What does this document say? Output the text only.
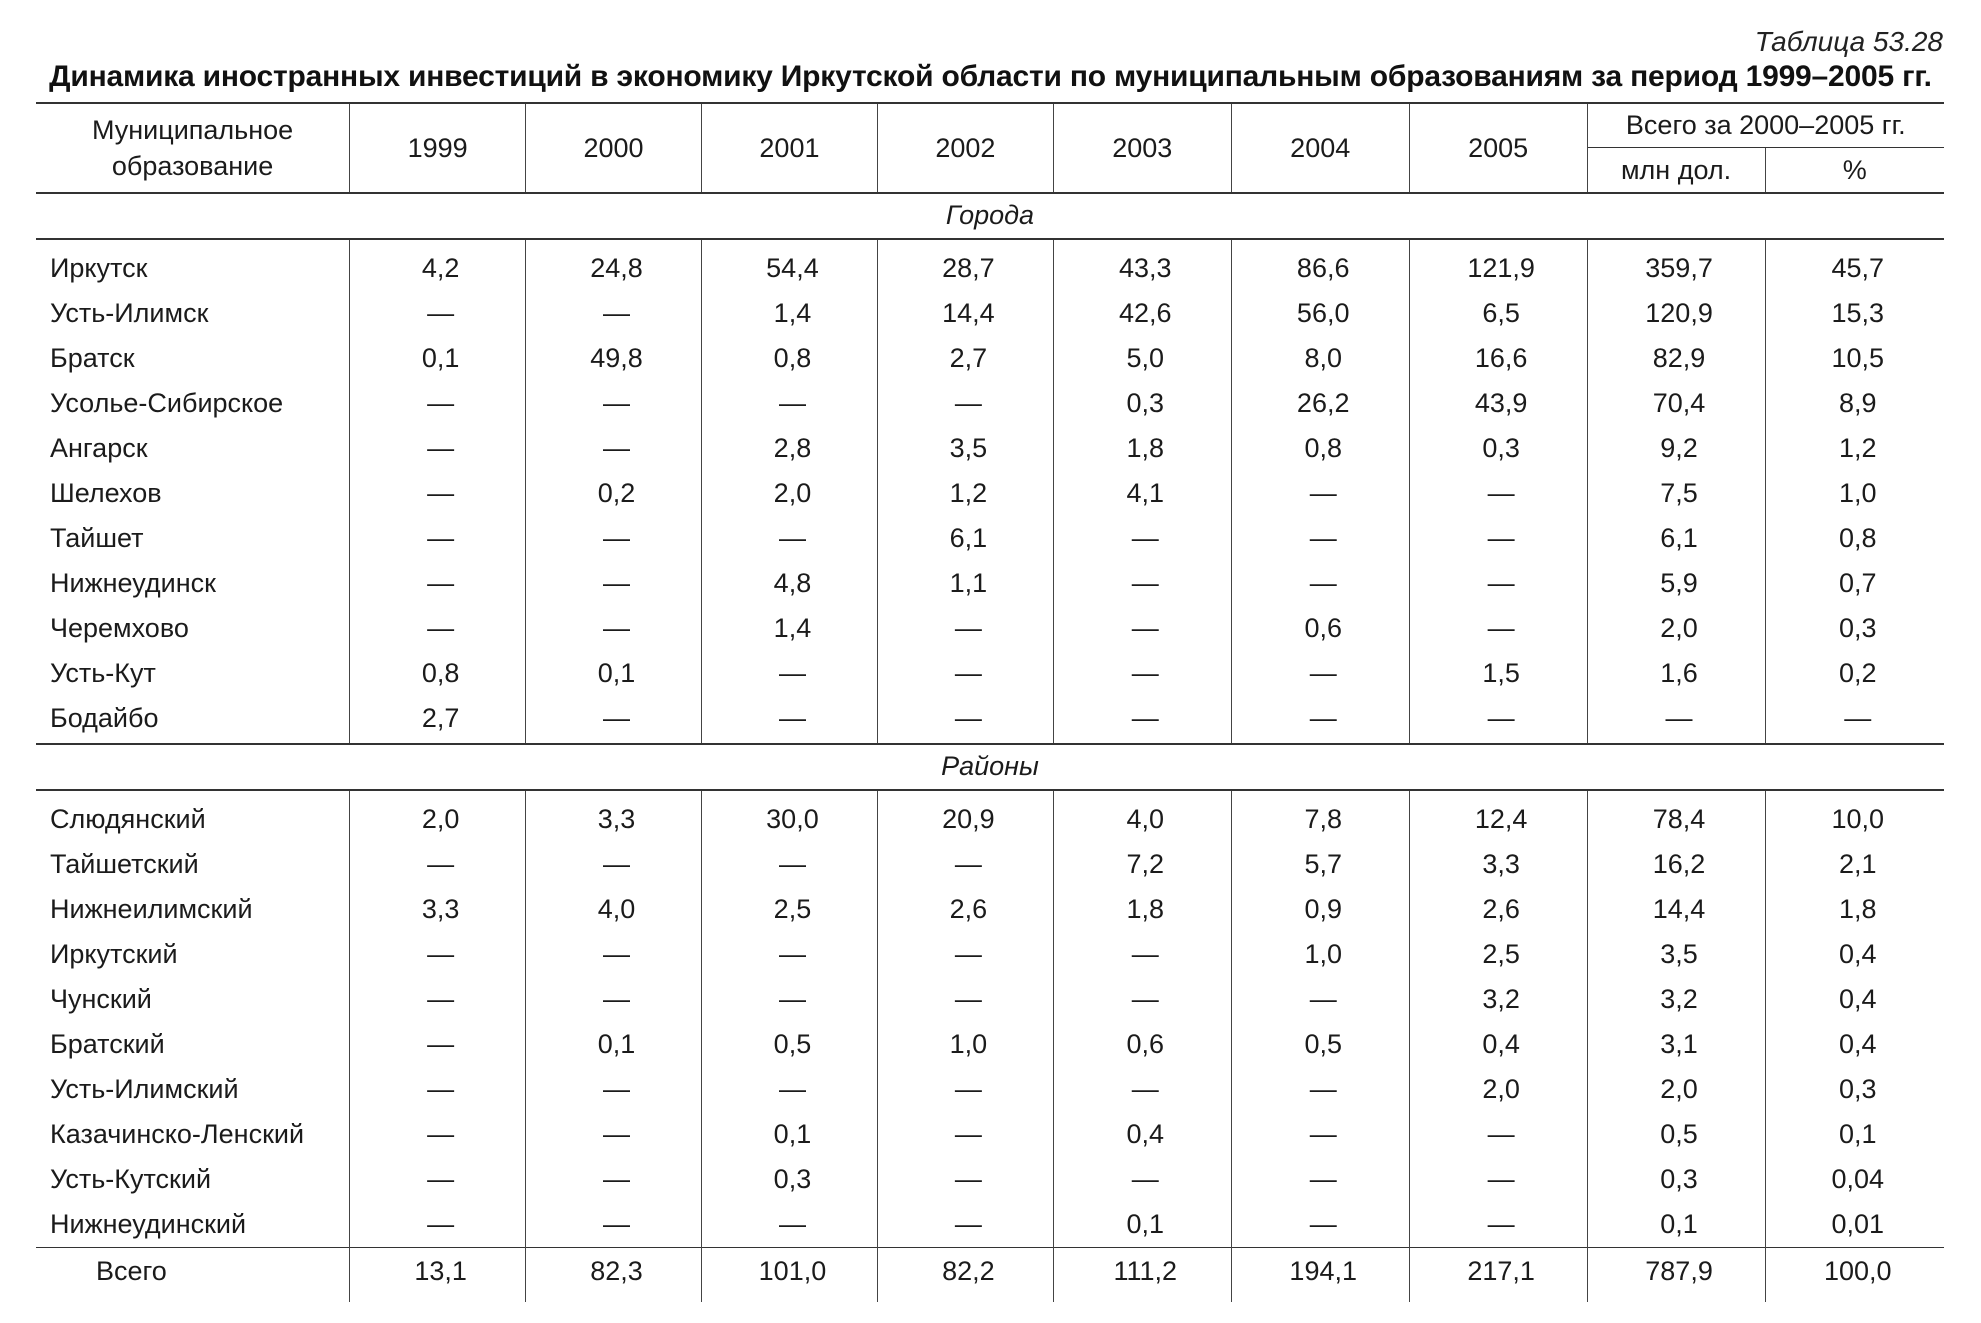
Таблица 53.28
Динамика иностранных инвестиций в экономику Иркутской области по муниципальным образованиям за период 1999–2005 гг.
Муниципальное образование	1999	2000	2001	2002	2003	2004	2005	Всего за 2000–2005 гг.	
								млн дол.	%
Города									
Иркутск	4,2	24,8	54,4	28,7	43,3	86,6	121,9	359,7	45,7
Усть-Илимск	—	—	1,4	14,4	42,6	56,0	6,5	120,9	15,3
Братск	0,1	49,8	0,8	2,7	5,0	8,0	16,6	82,9	10,5
Усолье-Сибирское	—	—	—	—	0,3	26,2	43,9	70,4	8,9
Ангарск	—	—	2,8	3,5	1,8	0,8	0,3	9,2	1,2
Шелехов	—	0,2	2,0	1,2	4,1	—	—	7,5	1,0
Тайшет	—	—	—	6,1	—	—	—	6,1	0,8
Нижнеудинск	—	—	4,8	1,1	—	—	—	5,9	0,7
Черемхово	—	—	1,4	—	—	0,6	—	2,0	0,3
Усть-Кут	0,8	0,1	—	—	—	—	1,5	1,6	0,2
Бодайбо	2,7	—	—	—	—	—	—	—	—
Районы									
Слюдянский	2,0	3,3	30,0	20,9	4,0	7,8	12,4	78,4	10,0
Тайшетский	—	—	—	—	7,2	5,7	3,3	16,2	2,1
Нижнеилимский	3,3	4,0	2,5	2,6	1,8	0,9	2,6	14,4	1,8
Иркутский	—	—	—	—	—	1,0	2,5	3,5	0,4
Чунский	—	—	—	—	—	—	3,2	3,2	0,4
Братский	—	0,1	0,5	1,0	0,6	0,5	0,4	3,1	0,4
Усть-Илимский	—	—	—	—	—	—	2,0	2,0	0,3
Казачинско-Ленский	—	—	0,1	—	0,4	—	—	0,5	0,1
Усть-Кутский	—	—	0,3	—	—	—	—	0,3	0,04
Нижнеудинский	—	—	—	—	0,1	—	—	0,1	0,01
Всего	13,1	82,3	101,0	82,2	111,2	194,1	217,1	787,9	100,0
